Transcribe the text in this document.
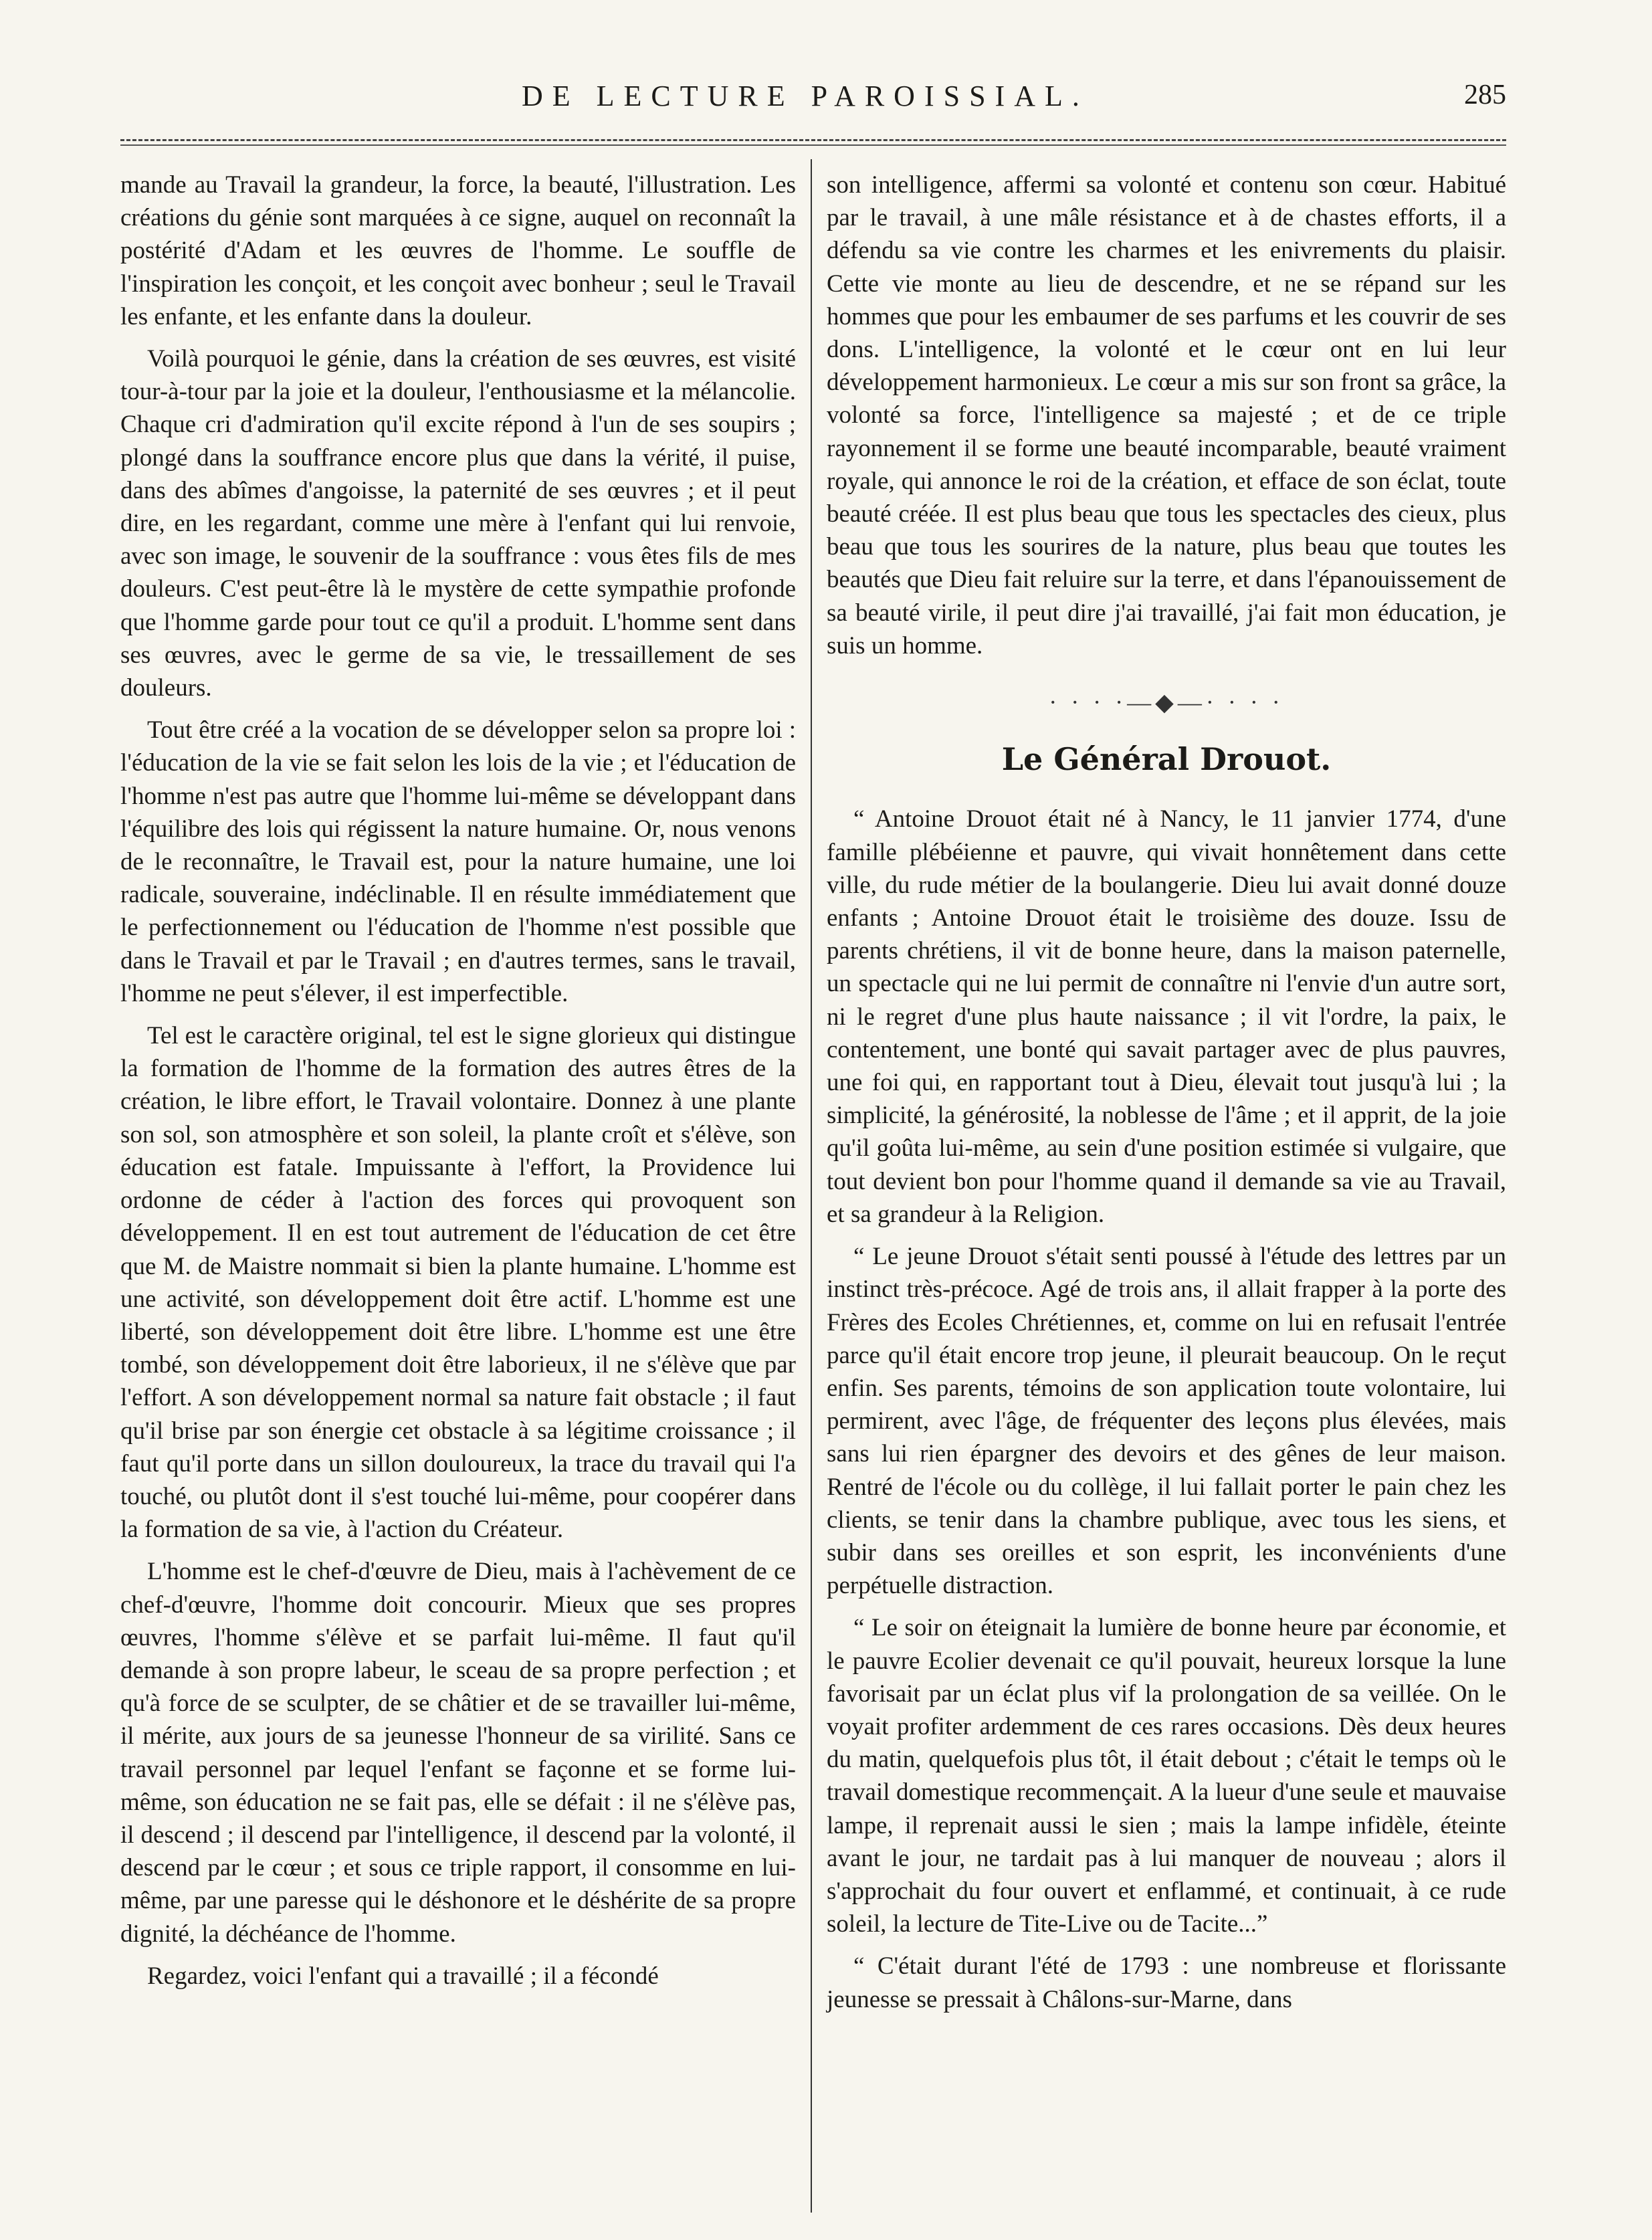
DE LECTURE PAROISSIAL.	285

mande au Travail la grandeur, la force, la beauté, l'illustration. Les créations du génie sont marquées à ce signe, auquel on reconnaît la postérité d'Adam et les œuvres de l'homme. Le souffle de l'inspiration les conçoit, et les conçoit avec bonheur ; seul le Travail les enfante, et les enfante dans la douleur.

Voilà pourquoi le génie, dans la création de ses œuvres, est visité tour-à-tour par la joie et la douleur, l'enthousiasme et la mélancolie. Chaque cri d'admiration qu'il excite répond à l'un de ses soupirs ; plongé dans la souffrance encore plus que dans la vérité, il puise, dans des abîmes d'angoisse, la paternité de ses œuvres ; et il peut dire, en les regardant, comme une mère à l'enfant qui lui renvoie, avec son image, le souvenir de la souffrance : vous êtes fils de mes douleurs. C'est peut-être là le mystère de cette sympathie profonde que l'homme garde pour tout ce qu'il a produit. L'homme sent dans ses œuvres, avec le germe de sa vie, le tressaillement de ses douleurs.

Tout être créé a la vocation de se développer selon sa propre loi : l'éducation de la vie se fait selon les lois de la vie ; et l'éducation de l'homme n'est pas autre que l'homme lui-même se développant dans l'équilibre des lois qui régissent la nature humaine. Or, nous venons de le reconnaître, le Travail est, pour la nature humaine, une loi radicale, souveraine, indéclinable. Il en résulte immédiatement que le perfectionnement ou l'éducation de l'homme n'est possible que dans le Travail et par le Travail ; en d'autres termes, sans le travail, l'homme ne peut s'élever, il est imperfectible.

Tel est le caractère original, tel est le signe glorieux qui distingue la formation de l'homme de la formation des autres êtres de la création, le libre effort, le Travail volontaire. Donnez à une plante son sol, son atmosphère et son soleil, la plante croît et s'élève, son éducation est fatale. Impuissante à l'effort, la Providence lui ordonne de céder à l'action des forces qui provoquent son développement. Il en est tout autrement de l'éducation de cet être que M. de Maistre nommait si bien la plante humaine. L'homme est une activité, son développement doit être actif. L'homme est une liberté, son développement doit être libre. L'homme est une être tombé, son développement doit être laborieux, il ne s'élève que par l'effort. A son développement normal sa nature fait obstacle ; il faut qu'il brise par son énergie cet obstacle à sa légitime croissance ; il faut qu'il porte dans un sillon douloureux, la trace du travail qui l'a touché, ou plutôt dont il s'est touché lui-même, pour coopérer dans la formation de sa vie, à l'action du Créateur.

L'homme est le chef-d'œuvre de Dieu, mais à l'achèvement de ce chef-d'œuvre, l'homme doit concourir. Mieux que ses propres œuvres, l'homme s'élève et se parfait lui-même. Il faut qu'il demande à son propre labeur, le sceau de sa propre perfection ; et qu'à force de se sculpter, de se châtier et de se travailler lui-même, il mérite, aux jours de sa jeunesse l'honneur de sa virilité. Sans ce travail personnel par lequel l'enfant se façonne et se forme lui-même, son éducation ne se fait pas, elle se défait : il ne s'élève pas, il descend ; il descend par l'intelligence, il descend par la volonté, il descend par le cœur ; et sous ce triple rapport, il consomme en lui-même, par une paresse qui le déshonore et le déshérite de sa propre dignité, la déchéance de l'homme.

Regardez, voici l'enfant qui a travaillé ; il a fécondé

son intelligence, affermi sa volonté et contenu son cœur. Habitué par le travail, à une mâle résistance et à de chastes efforts, il a défendu sa vie contre les charmes et les enivrements du plaisir. Cette vie monte au lieu de descendre, et ne se répand sur les hommes que pour les embaumer de ses parfums et les couvrir de ses dons. L'intelligence, la volonté et le cœur ont en lui leur développement harmonieux. Le cœur a mis sur son front sa grâce, la volonté sa force, l'intelligence sa majesté ; et de ce triple rayonnement il se forme une beauté incomparable, beauté vraiment royale, qui annonce le roi de la création, et efface de son éclat, toute beauté créée. Il est plus beau que tous les spectacles des cieux, plus beau que tous les sourires de la nature, plus beau que toutes les beautés que Dieu fait reluire sur la terre, et dans l'épanouissement de sa beauté virile, il peut dire j'ai travaillé, j'ai fait mon éducation, je suis un homme.

· · · ·—◆—· · · ·
Le Général Drouot.

“ Antoine Drouot était né à Nancy, le 11 janvier 1774, d'une famille plébéienne et pauvre, qui vivait honnêtement dans cette ville, du rude métier de la boulangerie. Dieu lui avait donné douze enfants ; Antoine Drouot était le troisième des douze. Issu de parents chrétiens, il vit de bonne heure, dans la maison paternelle, un spectacle qui ne lui permit de connaître ni l'envie d'un autre sort, ni le regret d'une plus haute naissance ; il vit l'ordre, la paix, le contentement, une bonté qui savait partager avec de plus pauvres, une foi qui, en rapportant tout à Dieu, élevait tout jusqu'à lui ; la simplicité, la générosité, la noblesse de l'âme ; et il apprit, de la joie qu'il goûta lui-même, au sein d'une position estimée si vulgaire, que tout devient bon pour l'homme quand il demande sa vie au Travail, et sa grandeur à la Religion.

“ Le jeune Drouot s'était senti poussé à l'étude des lettres par un instinct très-précoce. Agé de trois ans, il allait frapper à la porte des Frères des Ecoles Chrétiennes, et, comme on lui en refusait l'entrée parce qu'il était encore trop jeune, il pleurait beaucoup. On le reçut enfin. Ses parents, témoins de son application toute volontaire, lui permirent, avec l'âge, de fréquenter des leçons plus élevées, mais sans lui rien épargner des devoirs et des gênes de leur maison. Rentré de l'école ou du collège, il lui fallait porter le pain chez les clients, se tenir dans la chambre publique, avec tous les siens, et subir dans ses oreilles et son esprit, les inconvénients d'une perpétuelle distraction.

“ Le soir on éteignait la lumière de bonne heure par économie, et le pauvre Ecolier devenait ce qu'il pouvait, heureux lorsque la lune favorisait par un éclat plus vif la prolongation de sa veillée. On le voyait profiter ardemment de ces rares occasions. Dès deux heures du matin, quelquefois plus tôt, il était debout ; c'était le temps où le travail domestique recommençait. A la lueur d'une seule et mauvaise lampe, il reprenait aussi le sien ; mais la lampe infidèle, éteinte avant le jour, ne tardait pas à lui manquer de nouveau ; alors il s'approchait du four ouvert et enflammé, et continuait, à ce rude soleil, la lecture de Tite-Live ou de Tacite...”

“ C'était durant l'été de 1793 : une nombreuse et florissante jeunesse se pressait à Châlons-sur-Marne, dans
